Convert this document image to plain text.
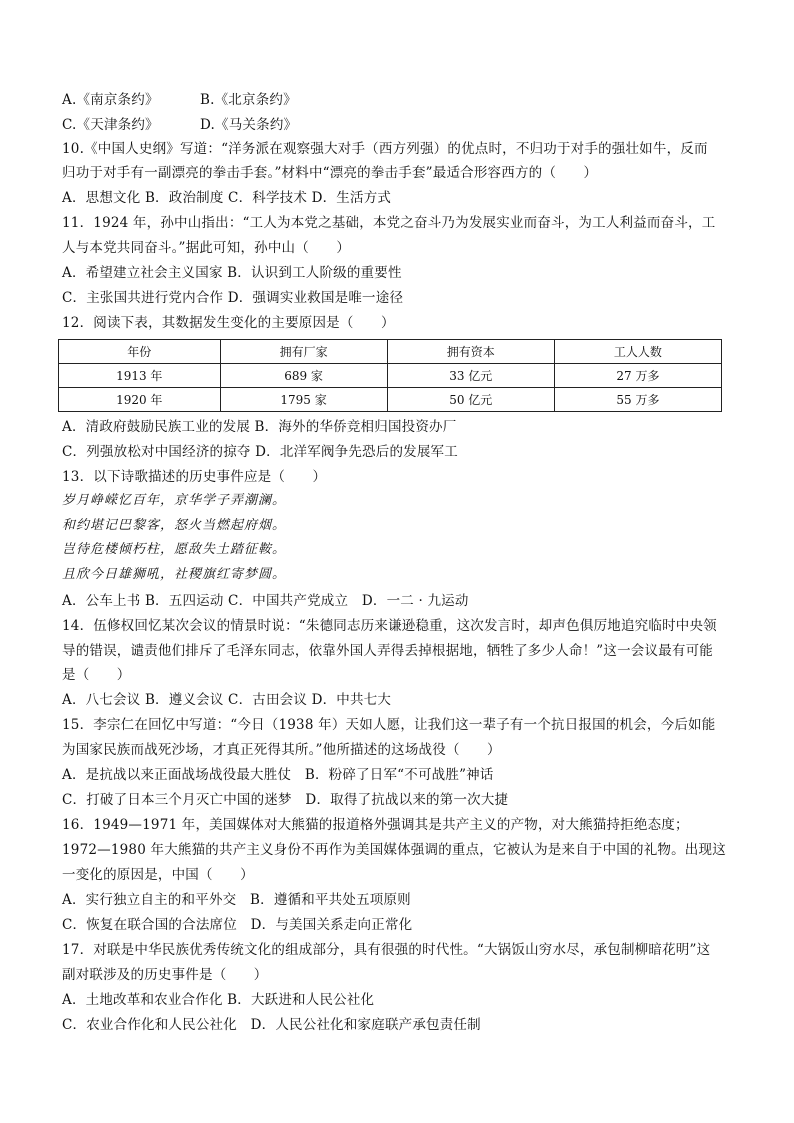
A.《南京条约》	B.《北京条约》
C.《天津条约》	D.《马关条约》
10.《中国人史纲》写道：“洋务派在观察强大对手（西方列强）的优点时，不归功于对手的强壮如牛，反而
归功于对手有一副漂亮的拳击手套。”材料中“漂亮的拳击手套”最适合形容西方的（　　）
A．思想文化 B．政治制度 C．科学技术 D．生活方式
11．1924 年，孙中山指出：“工人为本党之基础，本党之奋斗乃为发展实业而奋斗，为工人利益而奋斗，工
人与本党共同奋斗。”据此可知，孙中山（　　）
A．希望建立社会主义国家 B．认识到工人阶级的重要性
C．主张国共进行党内合作 D．强调实业救国是唯一途径
12．阅读下表，其数据发生变化的主要原因是（　　）
年份	拥有厂家	拥有资本	工人人数
1913 年	689 家	33 亿元	27 万多
1920 年	1795 家	50 亿元	55 万多
A．清政府鼓励民族工业的发展 B．海外的华侨竞相归国投资办厂
C．列强放松对中国经济的掠夺 D．北洋军阀争先恐后的发展军工
13．以下诗歌描述的历史事件应是（　　）
岁月峥嵘忆百年，京华学子弄潮澜。
和约堪记巴黎客，怒火当燃起府烟。
岂待危楼倾朽柱，愿敌失土踏征鞍。
且欣今日雄狮吼，社稷旗红寄梦圆。
A．公车上书 B．五四运动 C．中国共产党成立　D．一二 · 九运动
14．伍修权回忆某次会议的情景时说：“朱德同志历来谦逊稳重，这次发言时，却声色俱厉地追究临时中央领
导的错误，谴责他们排斥了毛泽东同志，依靠外国人弄得丢掉根据地，牺牲了多少人命！”这一会议最有可能
是（　　）
A．八七会议 B．遵义会议 C．古田会议 D．中共七大
15．李宗仁在回忆中写道：“今日（1938 年）天如人愿，让我们这一辈子有一个抗日报国的机会，今后如能
为国家民族而战死沙场，才真正死得其所。”他所描述的这场战役（　　）
A．是抗战以来正面战场战役最大胜仗　B．粉碎了日军“不可战胜”神话
C．打破了日本三个月灭亡中国的迷梦　D．取得了抗战以来的第一次大捷
16．1949—1971 年，美国媒体对大熊猫的报道格外强调其是共产主义的产物，对大熊猫持拒绝态度；
1972—1980 年大熊猫的共产主义身份不再作为美国媒体强调的重点，它被认为是来自于中国的礼物。出现这
一变化的原因是，中国（　　）
A．实行独立自主的和平外交　B．遵循和平共处五项原则
C．恢复在联合国的合法席位　D．与美国关系走向正常化
17．对联是中华民族优秀传统文化的组成部分，具有很强的时代性。“大锅饭山穷水尽，承包制柳暗花明”这
副对联涉及的历史事件是（　　）
A．土地改革和农业合作化 B．大跃进和人民公社化
C．农业合作化和人民公社化　D．人民公社化和家庭联产承包责任制
